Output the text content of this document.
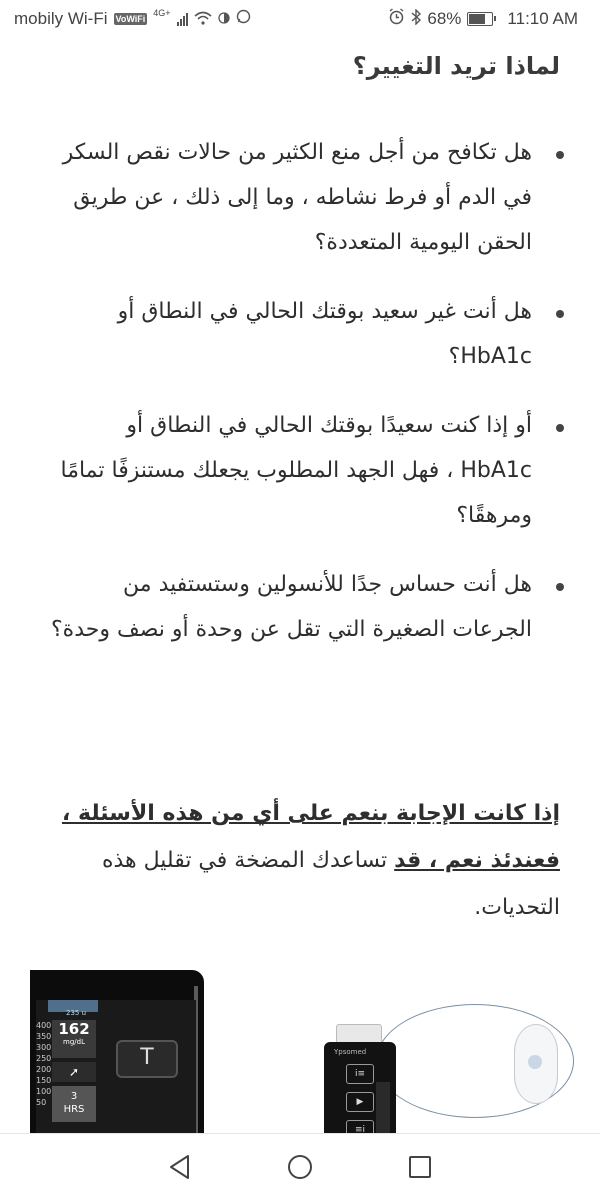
mobily Wi-Fi VoWiFi
4G+	68%	11:10 AM
لماذا تريد التغيير؟
هل تكافح من أجل منع الكثير من حالات نقص السكر في الدم أو فرط نشاطه ، وما إلى ذلك ، عن طريق الحقن اليومية المتعددة؟
هل أنت غير سعيد بوقتك الحالي في النطاق أو HbA1c؟
أو إذا كنت سعيدًا بوقتك الحالي في النطاق أو HbA1c ، فهل الجهد المطلوب يجعلك مستنزفًا تمامًا ومرهقًا؟
هل أنت حساس جدًا للأنسولين وستستفيد من الجرعات الصغيرة التي تقل عن وحدة أو نصف وحدة؟

إذا كانت الإجابة بنعم على أي من هذه الأسئلة ، فعندئذ نعم ، قد تساعدك المضخة في تقليل هذه التحديات.

235 u
400
350
300
250
200
150
100
50
162
mg/dL
➚
3
HRS
T	Ypsomed
i≡
▶
≡i
